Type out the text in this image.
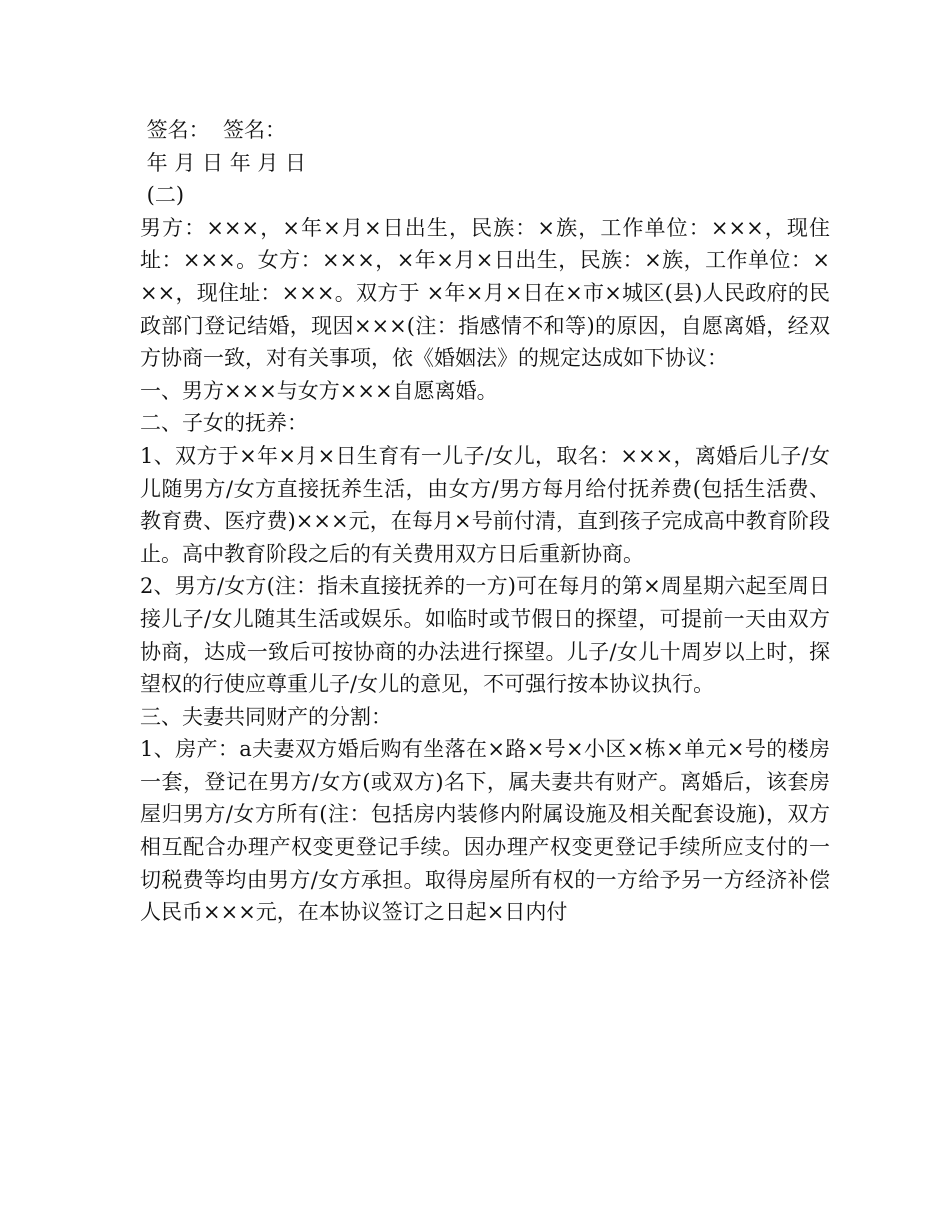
签名：  签名：
年 月 日 年 月 日
(二)

男方：×××，×年×月×日出生，民族：×族，工作单位：×××，现住址：×××。女方：×××，×年×月×日出生，民族：×族，工作单位：×××，现住址：×××。双方于 ×年×月×日在×市×城区(县)人民政府的民政部门登记结婚，现因×××(注：指感情不和等)的原因，自愿离婚，经双方协商一致，对有关事项，依《婚姻法》的规定达成如下协议：

一、男方×××与女方×××自愿离婚。

二、子女的抚养：

1、双方于×年×月×日生育有一儿子/女儿，取名：×××，离婚后儿子/女儿随男方/女方直接抚养生活，由女方/男方每月给付抚养费(包括生活费、教育费、医疗费)×××元，在每月×号前付清，直到孩子完成高中教育阶段止。高中教育阶段之后的有关费用双方日后重新协商。

2、男方/女方(注：指未直接抚养的一方)可在每月的第×周星期六起至周日接儿子/女儿随其生活或娱乐。如临时或节假日的探望，可提前一天由双方协商，达成一致后可按协商的办法进行探望。儿子/女儿十周岁以上时，探望权的行使应尊重儿子/女儿的意见，不可强行按本协议执行。

三、夫妻共同财产的分割：

1、房产：a夫妻双方婚后购有坐落在×路×号×小区×栋×单元×号的楼房一套，登记在男方/女方(或双方)名下，属夫妻共有财产。离婚后，该套房屋归男方/女方所有(注：包括房内装修内附属设施及相关配套设施)，双方相互配合办理产权变更登记手续。因办理产权变更登记手续所应支付的一切税费等均由男方/女方承担。取得房屋所有权的一方给予另一方经济补偿人民币×××元，在本协议签订之日起×日内付
